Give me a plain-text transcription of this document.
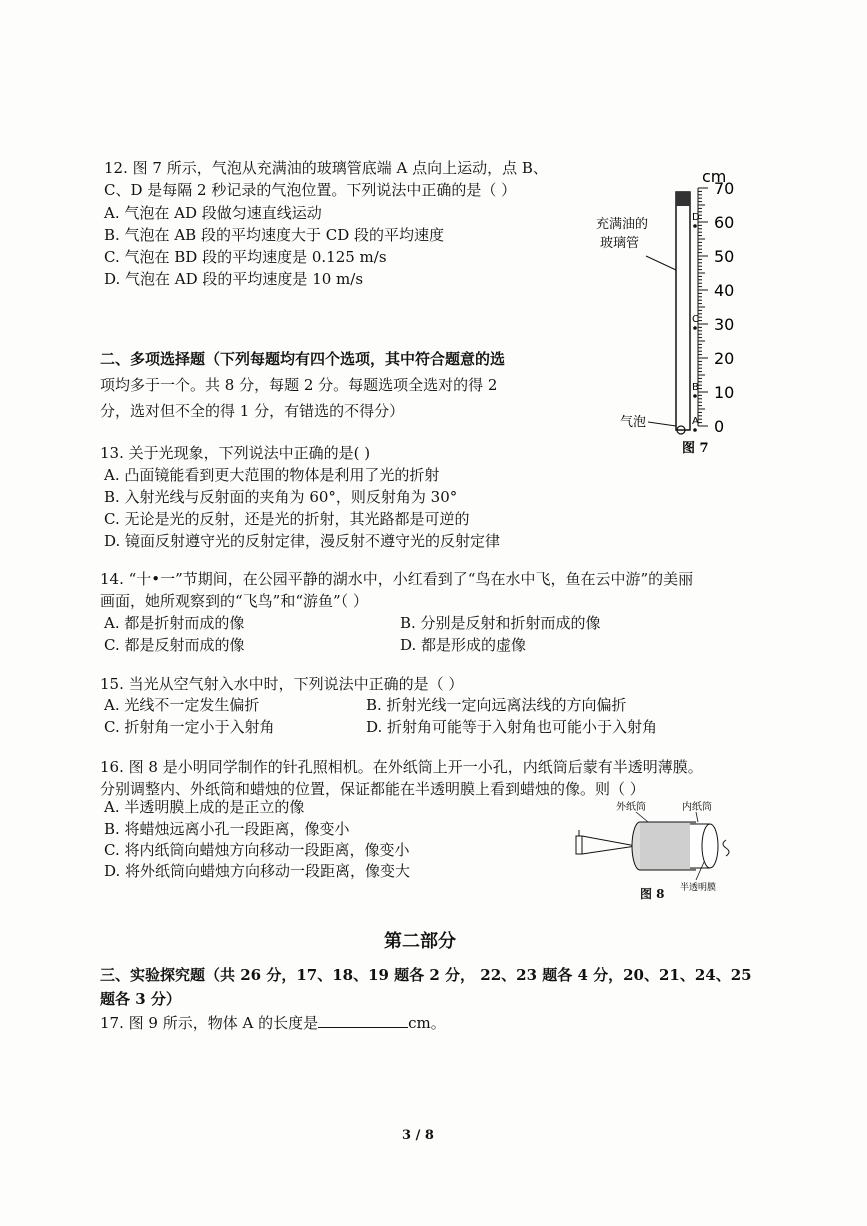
12. 图 7 所示，气泡从充满油的玻璃管底端 A 点向上运动，点 B、
C、D 是每隔 2 秒记录的气泡位置。下列说法中正确的是（ ）
A. 气泡在 AD 段做匀速直线运动
B. 气泡在 AB 段的平均速度大于 CD 段的平均速度
C. 气泡在 BD 段的平均速度是 0.125 m/s
D. 气泡在 AD 段的平均速度是 10 m/s
cm
充满油的
玻璃管
D
C
B
A
70
60
50
40
30
20
10
0
气泡
图 7
二、多项选择题（下列每题均有四个选项，其中符合题意的选
项均多于一个。共 8 分，每题 2 分。每题选项全选对的得 2
分，选对但不全的得 1 分，有错选的不得分）
13. 关于光现象，下列说法中正确的是( )
A. 凸面镜能看到更大范围的物体是利用了光的折射
B. 入射光线与反射面的夹角为 60°，则反射角为 30°
C. 无论是光的反射，还是光的折射，其光路都是可逆的
D. 镜面反射遵守光的反射定律，漫反射不遵守光的反射定律
14. “十•一”节期间，在公园平静的湖水中，小红看到了“鸟在水中飞，鱼在云中游”的美丽
画面，她所观察到的“飞鸟”和“游鱼”（ ）
A. 都是折射而成的像	B. 分别是反射和折射而成的像
C. 都是反射而成的像	D. 都是形成的虚像
15. 当光从空气射入水中时，下列说法中正确的是（ ）
A. 光线不一定发生偏折	B. 折射光线一定向远离法线的方向偏折
C. 折射角一定小于入射角	D. 折射角可能等于入射角也可能小于入射角
16. 图 8 是小明同学制作的针孔照相机。在外纸筒上开一小孔，内纸筒后蒙有半透明薄膜。
分别调整内、外纸筒和蜡烛的位置，保证都能在半透明膜上看到蜡烛的像。则（ ）
A. 半透明膜上成的是正立的像
B. 将蜡烛远离小孔一段距离，像变小
C. 将内纸筒向蜡烛方向移动一段距离，像变小
D. 将外纸筒向蜡烛方向移动一段距离，像变大
外纸筒	内纸筒
半透明膜
图 8
第二部分
三、实验探究题（共 26 分，17、18、19 题各 2 分， 22、23 题各 4 分，20、21、24、25
题各 3 分）
17. 图 9 所示，物体 A 的长度是	cm。
3 / 8
